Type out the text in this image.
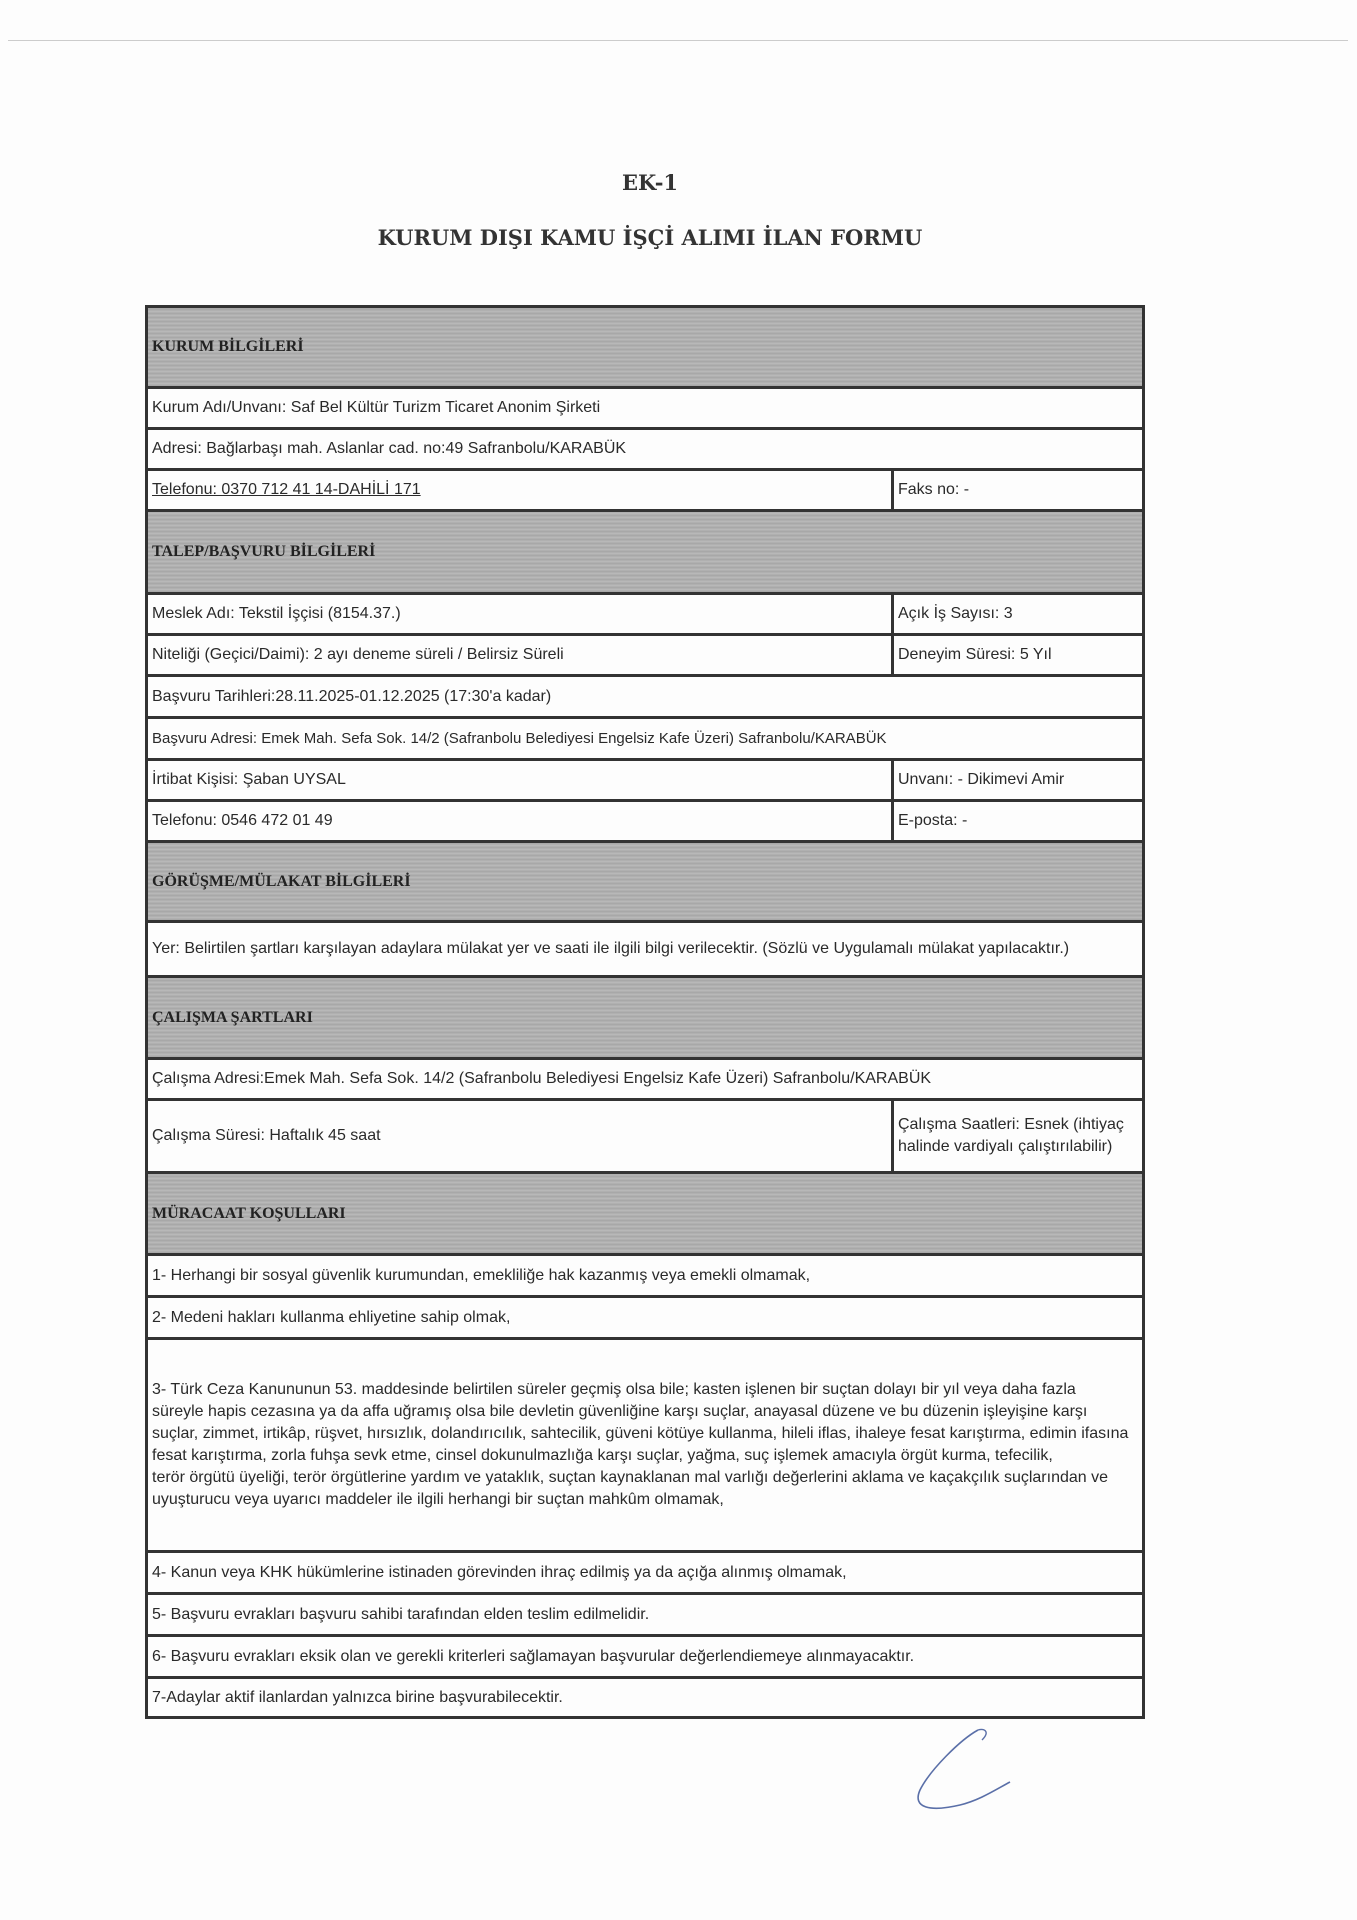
EK-1
KURUM DIŞI KAMU İŞÇİ ALIMI İLAN FORMU
KURUM BİLGİLERİ	
Kurum Adı/Unvanı: Saf Bel Kültür Turizm Ticaret Anonim Şirketi	
Adresi: Bağlarbaşı mah. Aslanlar cad. no:49 Safranbolu/KARABÜK	
Telefonu: 0370 712 41 14-DAHİLİ 171	Faks no: -
TALEP/BAŞVURU BİLGİLERİ	
Meslek Adı: Tekstil İşçisi (8154.37.)	Açık İş Sayısı: 3
Niteliği (Geçici/Daimi): 2 ayı deneme süreli / Belirsiz Süreli	Deneyim Süresi: 5 Yıl
Başvuru Tarihleri:28.11.2025-01.12.2025 (17:30'a kadar)	
Başvuru Adresi: Emek Mah. Sefa Sok. 14/2 (Safranbolu Belediyesi Engelsiz Kafe Üzeri) Safranbolu/KARABÜK	
İrtibat Kişisi: Şaban UYSAL	Unvanı: - Dikimevi Amir
Telefonu: 0546 472 01 49	E-posta: -
GÖRÜŞME/MÜLAKAT BİLGİLERİ	
Yer: Belirtilen şartları karşılayan adaylara mülakat yer ve saati ile ilgili bilgi verilecektir. (Sözlü ve Uygulamalı mülakat yapılacaktır.)	
ÇALIŞMA ŞARTLARI	
Çalışma Adresi:Emek Mah. Sefa Sok. 14/2 (Safranbolu Belediyesi Engelsiz Kafe Üzeri) Safranbolu/KARABÜK	
Çalışma Süresi: Haftalık 45 saat	Çalışma Saatleri: Esnek (ihtiyaç halinde vardiyalı çalıştırılabilir)
MÜRACAAT KOŞULLARI	
1- Herhangi bir sosyal güvenlik kurumundan, emekliliğe hak kazanmış veya emekli olmamak,	
2- Medeni hakları kullanma ehliyetine sahip olmak,	

3- Türk Ceza Kanununun 53. maddesinde belirtilen süreler geçmiş olsa bile; kasten işlenen bir suçtan dolayı bir yıl veya daha fazla
süreyle hapis cezasına ya da affa uğramış olsa bile devletin güvenliğine karşı suçlar, anayasal düzene ve bu düzenin işleyişine karşı suçlar, zimmet, irtikâp, rüşvet, hırsızlık, dolandırıcılık, sahtecilik, güveni kötüye kullanma, hileli iflas, ihaleye fesat karıştırma, edimin ifasına fesat karıştırma, zorla fuhşa sevk etme, cinsel dokunulmazlığa karşı suçlar, yağma, suç işlemek amacıyla örgüt kurma, tefecilik,
terör örgütü üyeliği, terör örgütlerine yardım ve yataklık, suçtan kaynaklanan mal varlığı değerlerini aklama ve kaçakçılık suçlarından ve uyuşturucu veya uyarıcı maddeler ile ilgili herhangi bir suçtan mahkûm olmamak,	

4- Kanun veya KHK hükümlerine istinaden görevinden ihraç edilmiş ya da açığa alınmış olmamak,	
5- Başvuru evrakları başvuru sahibi tarafından elden teslim edilmelidir.	
6- Başvuru evrakları eksik olan ve gerekli kriterleri sağlamayan başvurular değerlendiemeye alınmayacaktır.	
7-Adaylar aktif ilanlardan yalnızca birine başvurabilecektir.	
